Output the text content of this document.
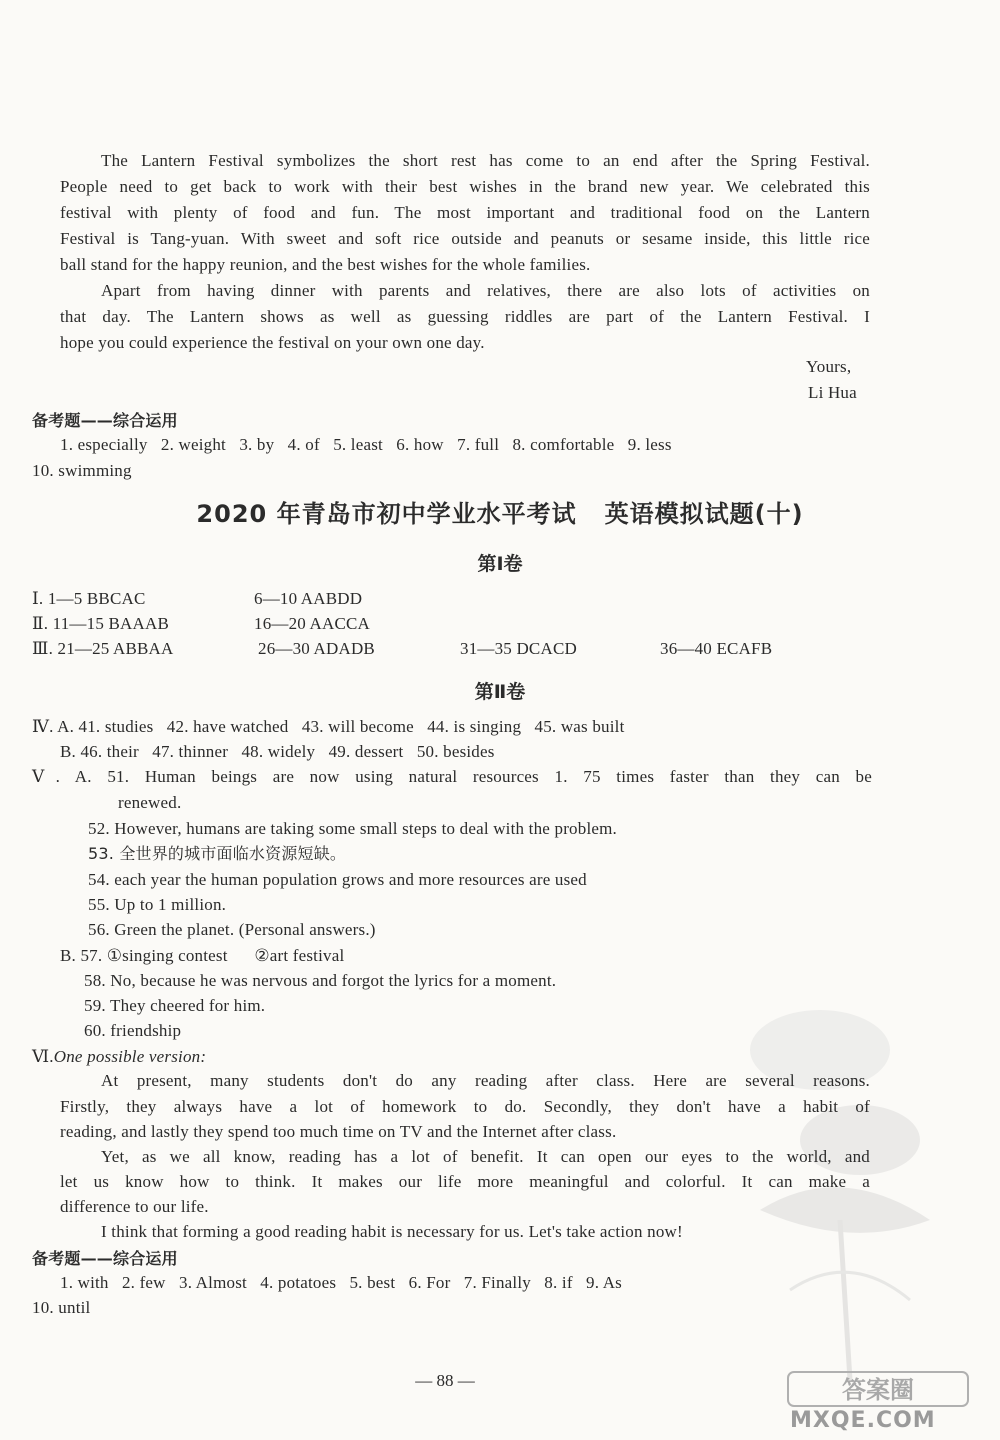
The Lantern Festival symbolizes the short rest has come to an end after the Spring Festival.
People need to get back to work with their best wishes in the brand new year. We celebrated this
festival with plenty of food and fun. The most important and traditional food on the Lantern
Festival is Tang-yuan. With sweet and soft rice outside and peanuts or sesame inside, this little rice
ball stand for the happy reunion, and the best wishes for the whole families.
Apart from having dinner with parents and relatives, there are also lots of activities on
that day. The Lantern shows as well as guessing riddles are part of the Lantern Festival. I
hope you could experience the festival on your own one day.
Yours,
Li Hua
备考题——综合运用
1. especially   2. weight   3. by   4. of   5. least   6. how   7. full   8. comfortable   9. less
10. swimming
2020 年青岛市初中学业水平考试   英语模拟试题(十)
第Ⅰ卷
Ⅰ. 1—5 BBCAC	6—10 AABDD
Ⅱ. 11—15 BAAAB	16—20 AACCA
Ⅲ. 21—25 ABBAA	26—30 ADADB	31—35 DCACD	36—40 ECAFB
第Ⅱ卷
Ⅳ. A. 41. studies   42. have watched   43. will become   44. is singing   45. was built
B. 46. their   47. thinner   48. widely   49. dessert   50. besides
Ⅴ. A. 51. Human beings are now using natural resources 1. 75 times faster than they can be
renewed.
52. However, humans are taking some small steps to deal with the problem.
53. 全世界的城市面临水资源短缺。
54. each year the human population grows and more resources are used
55. Up to 1 million.
56. Green the planet. (Personal answers.)
B. 57. ①singing contest      ②art festival
58. No, because he was nervous and forgot the lyrics for a moment.
59. They cheered for him.
60. friendship
Ⅵ.One possible version:
At present, many students don't do any reading after class. Here are several reasons.
Firstly, they always have a lot of homework to do. Secondly, they don't have a habit of
reading, and lastly they spend too much time on TV and the Internet after class.
Yet, as we all know, reading has a lot of benefit. It can open our eyes to the world, and
let us know how to think. It makes our life more meaningful and colorful. It can make a
difference to our life.
I think that forming a good reading habit is necessary for us. Let's take action now!
备考题——综合运用
1. with   2. few   3. Almost   4. potatoes   5. best   6. For   7. Finally   8. if   9. As
10. until
— 88 —	答案圈
MXQE.COM
